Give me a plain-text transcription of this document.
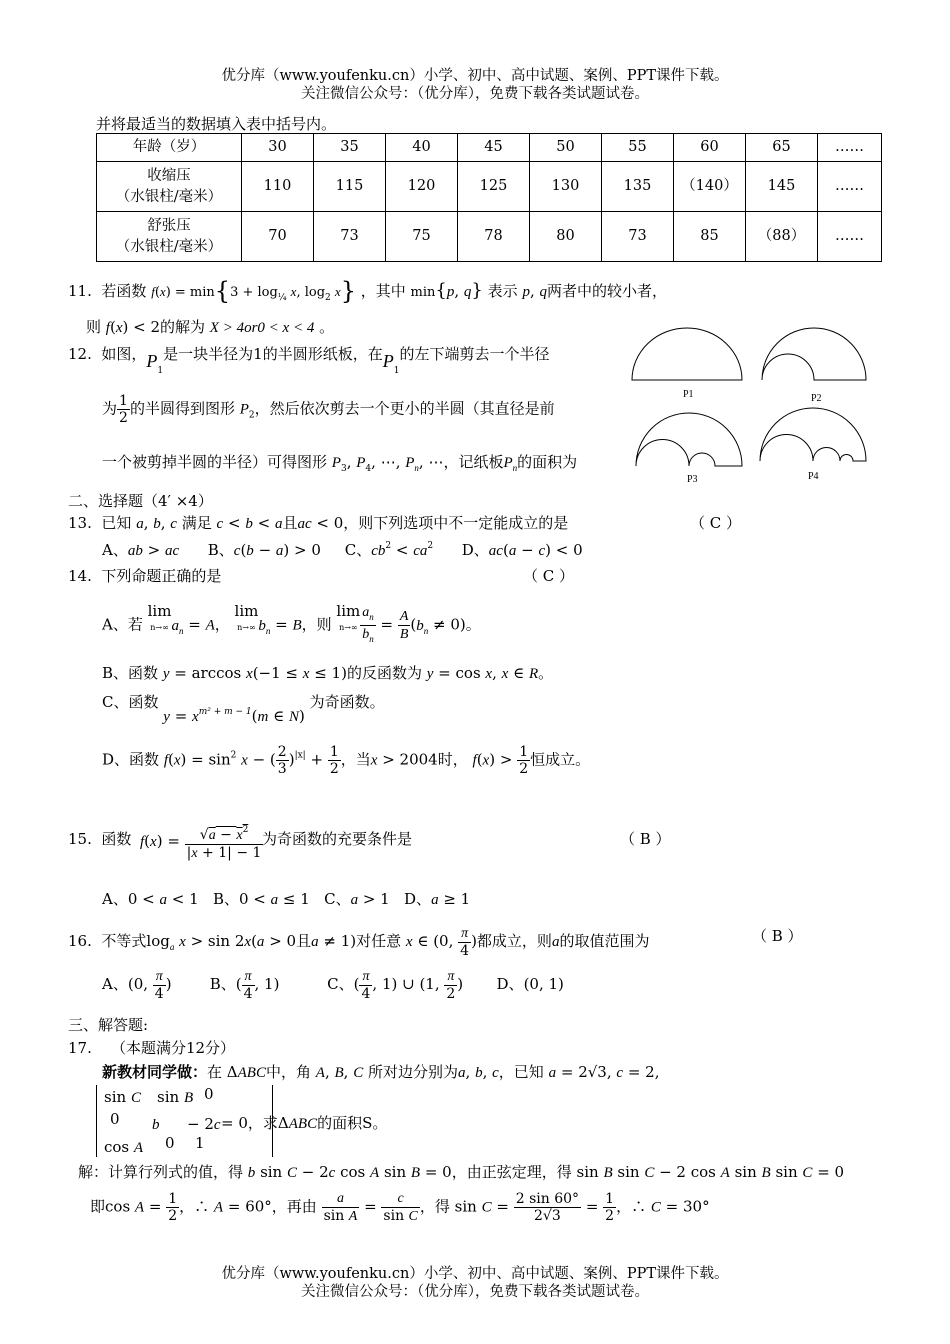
优分库（www.youfenku.cn）小学、初中、高中试题、案例、PPT课件下载。
关注微信公众号：（优分库），免费下载各类试题试卷。
并将最适当的数据填入表中括号内。
年龄（岁）	30	35	40	45	50	55	60	65	……
收缩压
（水银柱/毫米）	110	115	120	125	130	135	（140）	145	……
舒张压
（水银柱/毫米）	70	73	75	78	80	73	85	（88）	……
11. 若函数 $f(x) = \min\{3 + \log_{\frac{1}{4}} x$, $\log_2 x$} ，其中 min{p, q} 表示 p, q两者中的较小者，
则 f(x) < 2的解为 X > 4or0 < x < 4 。
12. 如图，$P_1$是一块半径为1的半圆形纸板，在$P_1$的左下端剪去一个半径
为 $\frac{1}{2}$ 的半圆得到图形 $P_2$，然后依次剪去一个更小的半圆（其直径是前
一个被剪掉半圆的半径）可得图形 $P_3$, $P_4$, ⋯, $P_n$, ⋯，记纸板$P_n$的面积为
P1	P2
P3	P4
二、选择题（4′ ×4）
13. 已知 a, b, c 满足 c < b < a且ac < 0，则下列选项中不一定能成立的是	（ C ）
A、ab > ac B、c(b − a) > 0     C、$cb^2 < ca^2$ D、ac(a − c) < 0
14. 下列命题正确的是	（ C ）
A、若 lim
n→∞ $a_n = A$， lim
n→∞ $b_n = B$，则 lim
$n\to\infty \frac{a_n}{b_n} = \frac{A}{B} (b_n \ne 0)$。
B、函数 y = arccos x(−1 ≤ x ≤ 1)的反函数为 y = cos x, x ∈ R。
C、函数 $y = x^{m^2 + m - 1}(m$ ∈ N) 为奇函数。
D、函数 $f(x) = \sin^2 x$ − ( $\frac{2}{3} )^{|x|} + \frac{1}{2}$ ，当x > 2004时， $f(x) > \frac{1}{2}$ 恒成立。
15. 函数 $f(x) = \frac{√a - x^2}{|x + 1| - 1}$
为奇函数的充要条件是	（ B ）
A、0 < a < 1   B、0 < a ≤ 1   C、a > 1   D、a ≥ 1
16. 不等式$\log_a x > \sin 2x(a > 0$且a ≠ 1)对任意 x ∈ (0, $\frac{\pi}{4}$ )都成立，则a的取值范围为	（ B ）
A、(0, $\frac{\pi}{4}$ )        B、( $\frac{\pi}{4}$ , 1)          C、( $\frac{\pi}{4}$ , 1) ∪ (1, $\frac{\pi}{2}$ )       D、(0, 1)
三、解答题:
17. （本题满分12分）
新教材同学做：在 ΔABC中，角 A, B, C 所对边分别为a, b, c，已知 a = 2√3, c = 2,
sin C sin B 0
0 b − 2c
cos A 0 1
= 0，求ΔABC的面积S。
解：计算行列式的值，得 b sin C − 2c cos A sin B = 0，由正弦定理，得 sin B sin C − 2 cos A sin B sin C = 0
即$\cos A = \frac{1}{2}$ ，∴ A = 60°，再由 $\frac{a}{\text{sin A}} = \frac{c}{\text{sin C}}$ ，得 $\sin C = \frac{2 \sin 60^\circ}{2√3} = \frac{1}{2}$ ，∴ C = 30°
优分库（www.youfenku.cn）小学、初中、高中试题、案例、PPT课件下载。
关注微信公众号：（优分库），免费下载各类试题试卷。
